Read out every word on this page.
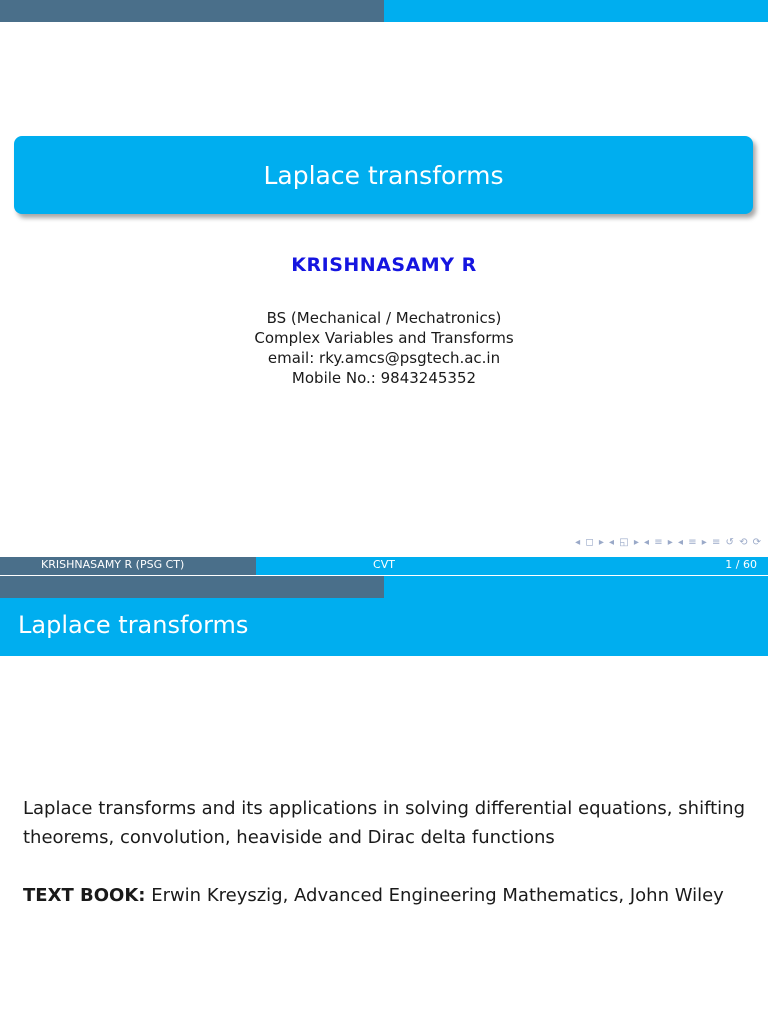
Laplace transforms
KRISHNASAMY R
BS (Mechanical / Mechatronics)
Complex Variables and Transforms
email: rky.amcs@psgtech.ac.in
Mobile No.: 9843245352
◂ ◻ ▸ ◂ ◱ ▸ ◂ ≡ ▸ ◂ ≡ ▸ ≡ ↺ ⟲ ⟳
KRISHNASAMY R (PSG CT)	CVT	1 / 60
Laplace transforms
Laplace transforms and its applications in solving differential equations, shifting theorems, convolution, heaviside and Dirac delta functions
TEXT BOOK: Erwin Kreyszig, Advanced Engineering Mathematics, John Wiley
